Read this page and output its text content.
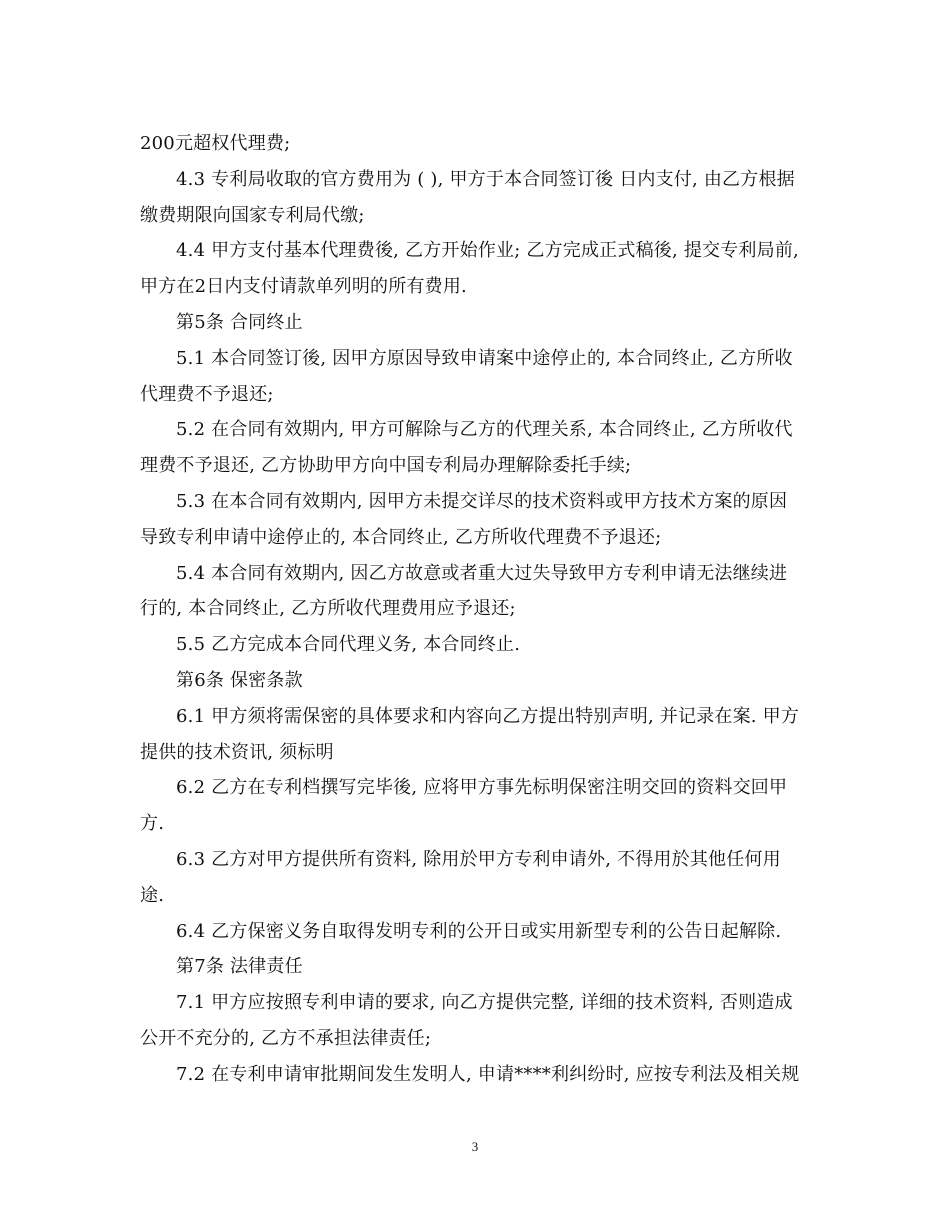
200元超权代理费;
4.3 专利局收取的官方费用为 ( ), 甲方于本合同签订後 日内支付, 由乙方根据
缴费期限向国家专利局代缴;
4.4 甲方支付基本代理费後, 乙方开始作业; 乙方完成正式稿後, 提交专利局前,
甲方在2日内支付请款单列明的所有费用.
第5条 合同终止
5.1 本合同签订後, 因甲方原因导致申请案中途停止的, 本合同终止, 乙方所收
代理费不予退还;
5.2 在合同有效期内, 甲方可解除与乙方的代理关系, 本合同终止, 乙方所收代
理费不予退还, 乙方协助甲方向中国专利局办理解除委托手续;
5.3 在本合同有效期内, 因甲方未提交详尽的技术资料或甲方技术方案的原因
导致专利申请中途停止的, 本合同终止, 乙方所收代理费不予退还;
5.4 本合同有效期内, 因乙方故意或者重大过失导致甲方专利申请无法继续进
行的, 本合同终止, 乙方所收代理费用应予退还;
5.5 乙方完成本合同代理义务, 本合同终止.
第6条 保密条款
6.1 甲方须将需保密的具体要求和内容向乙方提出特别声明, 并记录在案. 甲方
提供的技术资讯, 须标明
6.2 乙方在专利档撰写完毕後, 应将甲方事先标明保密注明交回的资料交回甲
方.
6.3 乙方对甲方提供所有资料, 除用於甲方专利申请外, 不得用於其他任何用
途.
6.4 乙方保密义务自取得发明专利的公开日或实用新型专利的公告日起解除.
第7条 法律责任
7.1 甲方应按照专利申请的要求, 向乙方提供完整, 详细的技术资料, 否则造成
公开不充分的, 乙方不承担法律责任;
7.2 在专利申请审批期间发生发明人, 申请****利纠纷时, 应按专利法及相关规
3
